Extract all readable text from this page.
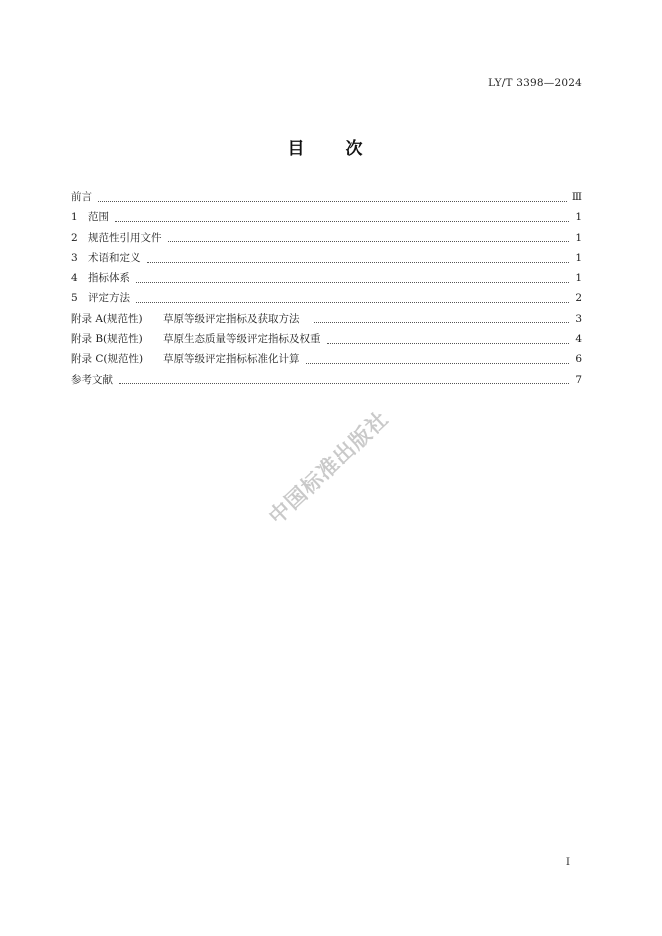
LY/T 3398—2024
目　次
前言	Ⅲ
1 范围	1
2 规范性引用文件	1
3 术语和定义	1
4 指标体系	1
5 评定方法	2
附录 A(规范性)	草原等级评定指标及获取方法	3
附录 B(规范性)	草原生态质量等级评定指标及权重	4
附录 C(规范性)	草原等级评定指标标准化计算	6
参考文献	7
中国标准出版社
Ⅰ
